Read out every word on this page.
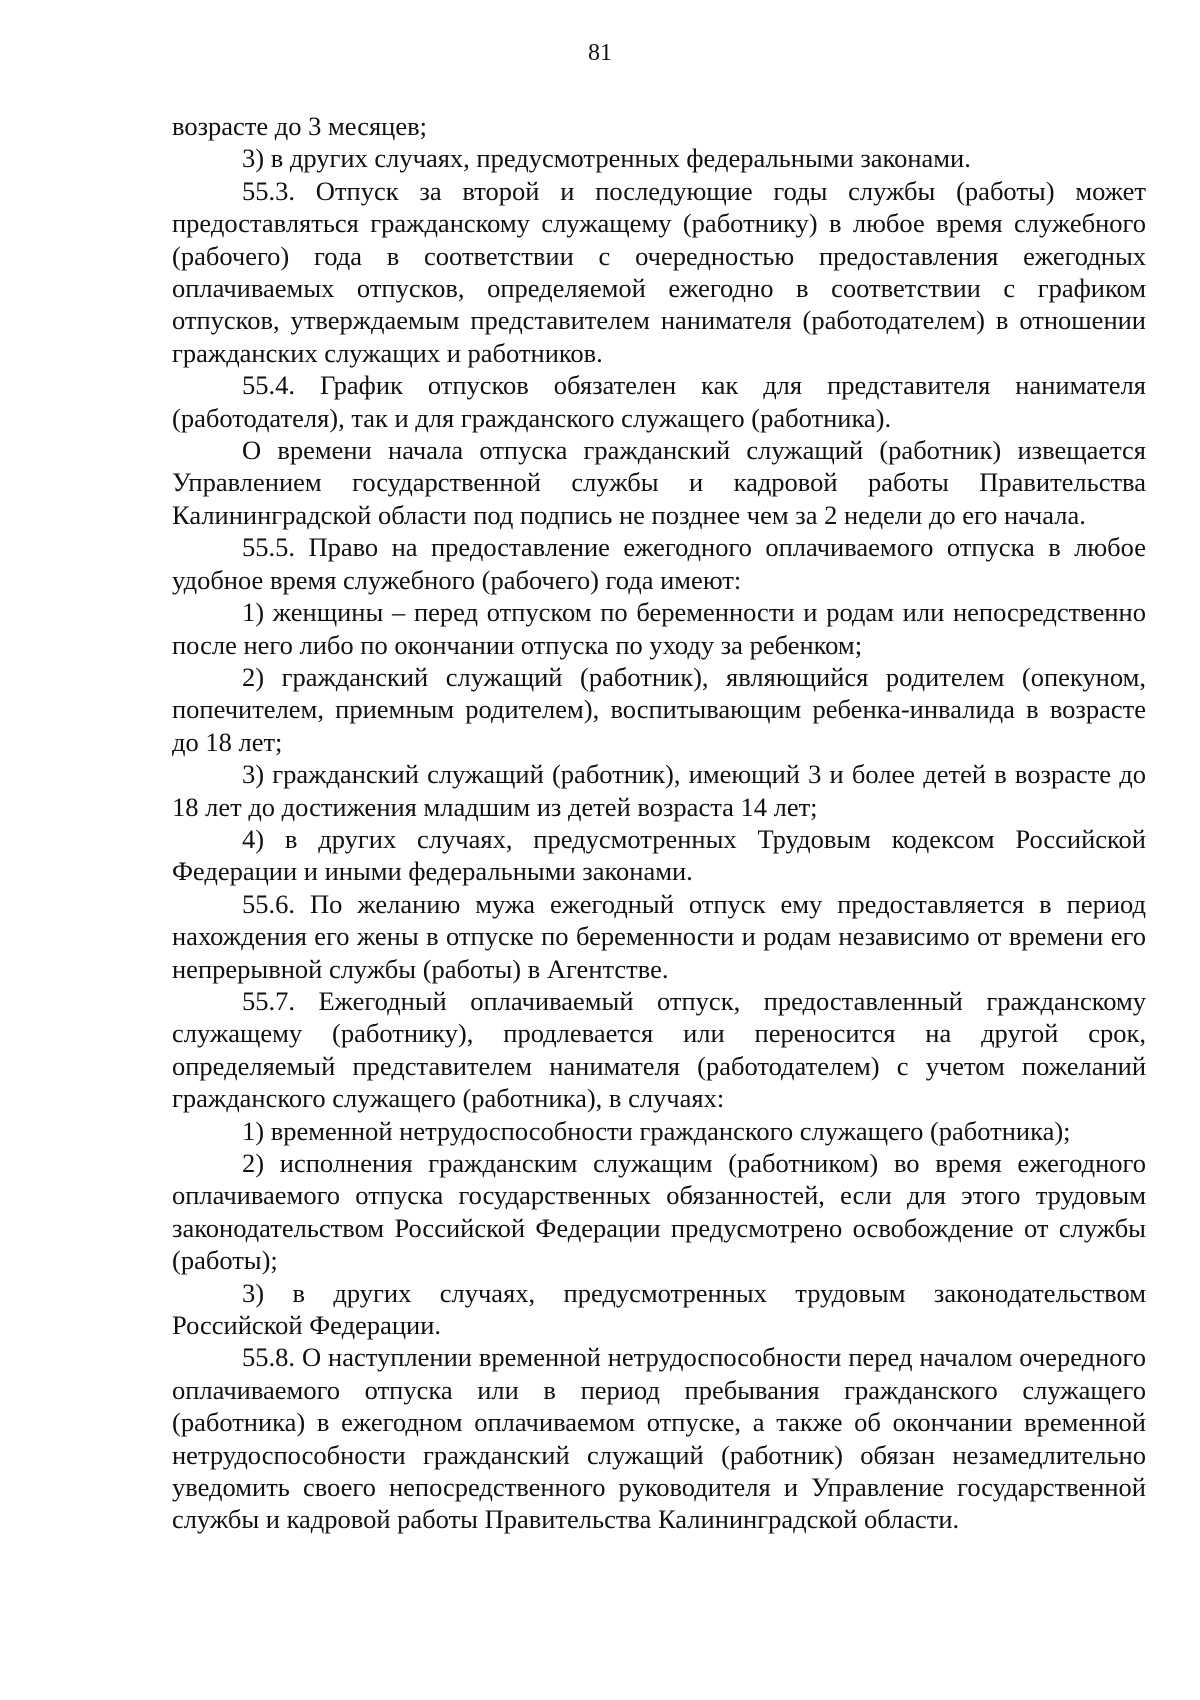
81

возрасте до 3 месяцев;

3) в других случаях, предусмотренных федеральными законами.

55.3. Отпуск за второй и последующие годы службы (работы) может предоставляться гражданскому служащему (работнику) в любое время служебного (рабочего) года в соответствии с очередностью предоставления ежегодных оплачиваемых отпусков, определяемой ежегодно в соответствии с графиком отпусков, утверждаемым представителем нанимателя (работодателем) в отношении гражданских служащих и работников.

55.4. График отпусков обязателен как для представителя нанимателя (работодателя), так и для гражданского служащего (работника).

О времени начала отпуска гражданский служащий (работник) извещается Управлением государственной службы и кадровой работы Правительства Калининградской области под подпись не позднее чем за 2 недели до его начала.

55.5. Право на предоставление ежегодного оплачиваемого отпуска в любое удобное время служебного (рабочего) года имеют:

1) женщины – перед отпуском по беременности и родам или непосредственно после него либо по окончании отпуска по уходу за ребенком;

2) гражданский служащий (работник), являющийся родителем (опекуном, попечителем, приемным родителем), воспитывающим ребенка-инвалида в возрасте до 18 лет;

3) гражданский служащий (работник), имеющий 3 и более детей в возрасте до 18 лет до достижения младшим из детей возраста 14 лет;

4) в других случаях, предусмотренных Трудовым кодексом Российской Федерации и иными федеральными законами.

55.6. По желанию мужа ежегодный отпуск ему предоставляется в период нахождения его жены в отпуске по беременности и родам независимо от времени его непрерывной службы (работы) в Агентстве.

55.7. Ежегодный оплачиваемый отпуск, предоставленный гражданскому служащему (работнику), продлевается или переносится на другой срок, определяемый представителем нанимателя (работодателем) с учетом пожеланий гражданского служащего (работника), в случаях:

1) временной нетрудоспособности гражданского служащего (работника);

2) исполнения гражданским служащим (работником) во время ежегодного оплачиваемого отпуска государственных обязанностей, если для этого трудовым законодательством Российской Федерации предусмотрено освобождение от службы (работы);

3) в других случаях, предусмотренных трудовым законодательством Российской Федерации.

55.8. О наступлении временной нетрудоспособности перед началом очередного оплачиваемого отпуска или в период пребывания гражданского служащего (работника) в ежегодном оплачиваемом отпуске, а также об окончании временной нетрудоспособности гражданский служащий (работник) обязан незамедлительно уведомить своего непосредственного руководителя и Управление государственной службы и кадровой работы Правительства Калининградской области.
